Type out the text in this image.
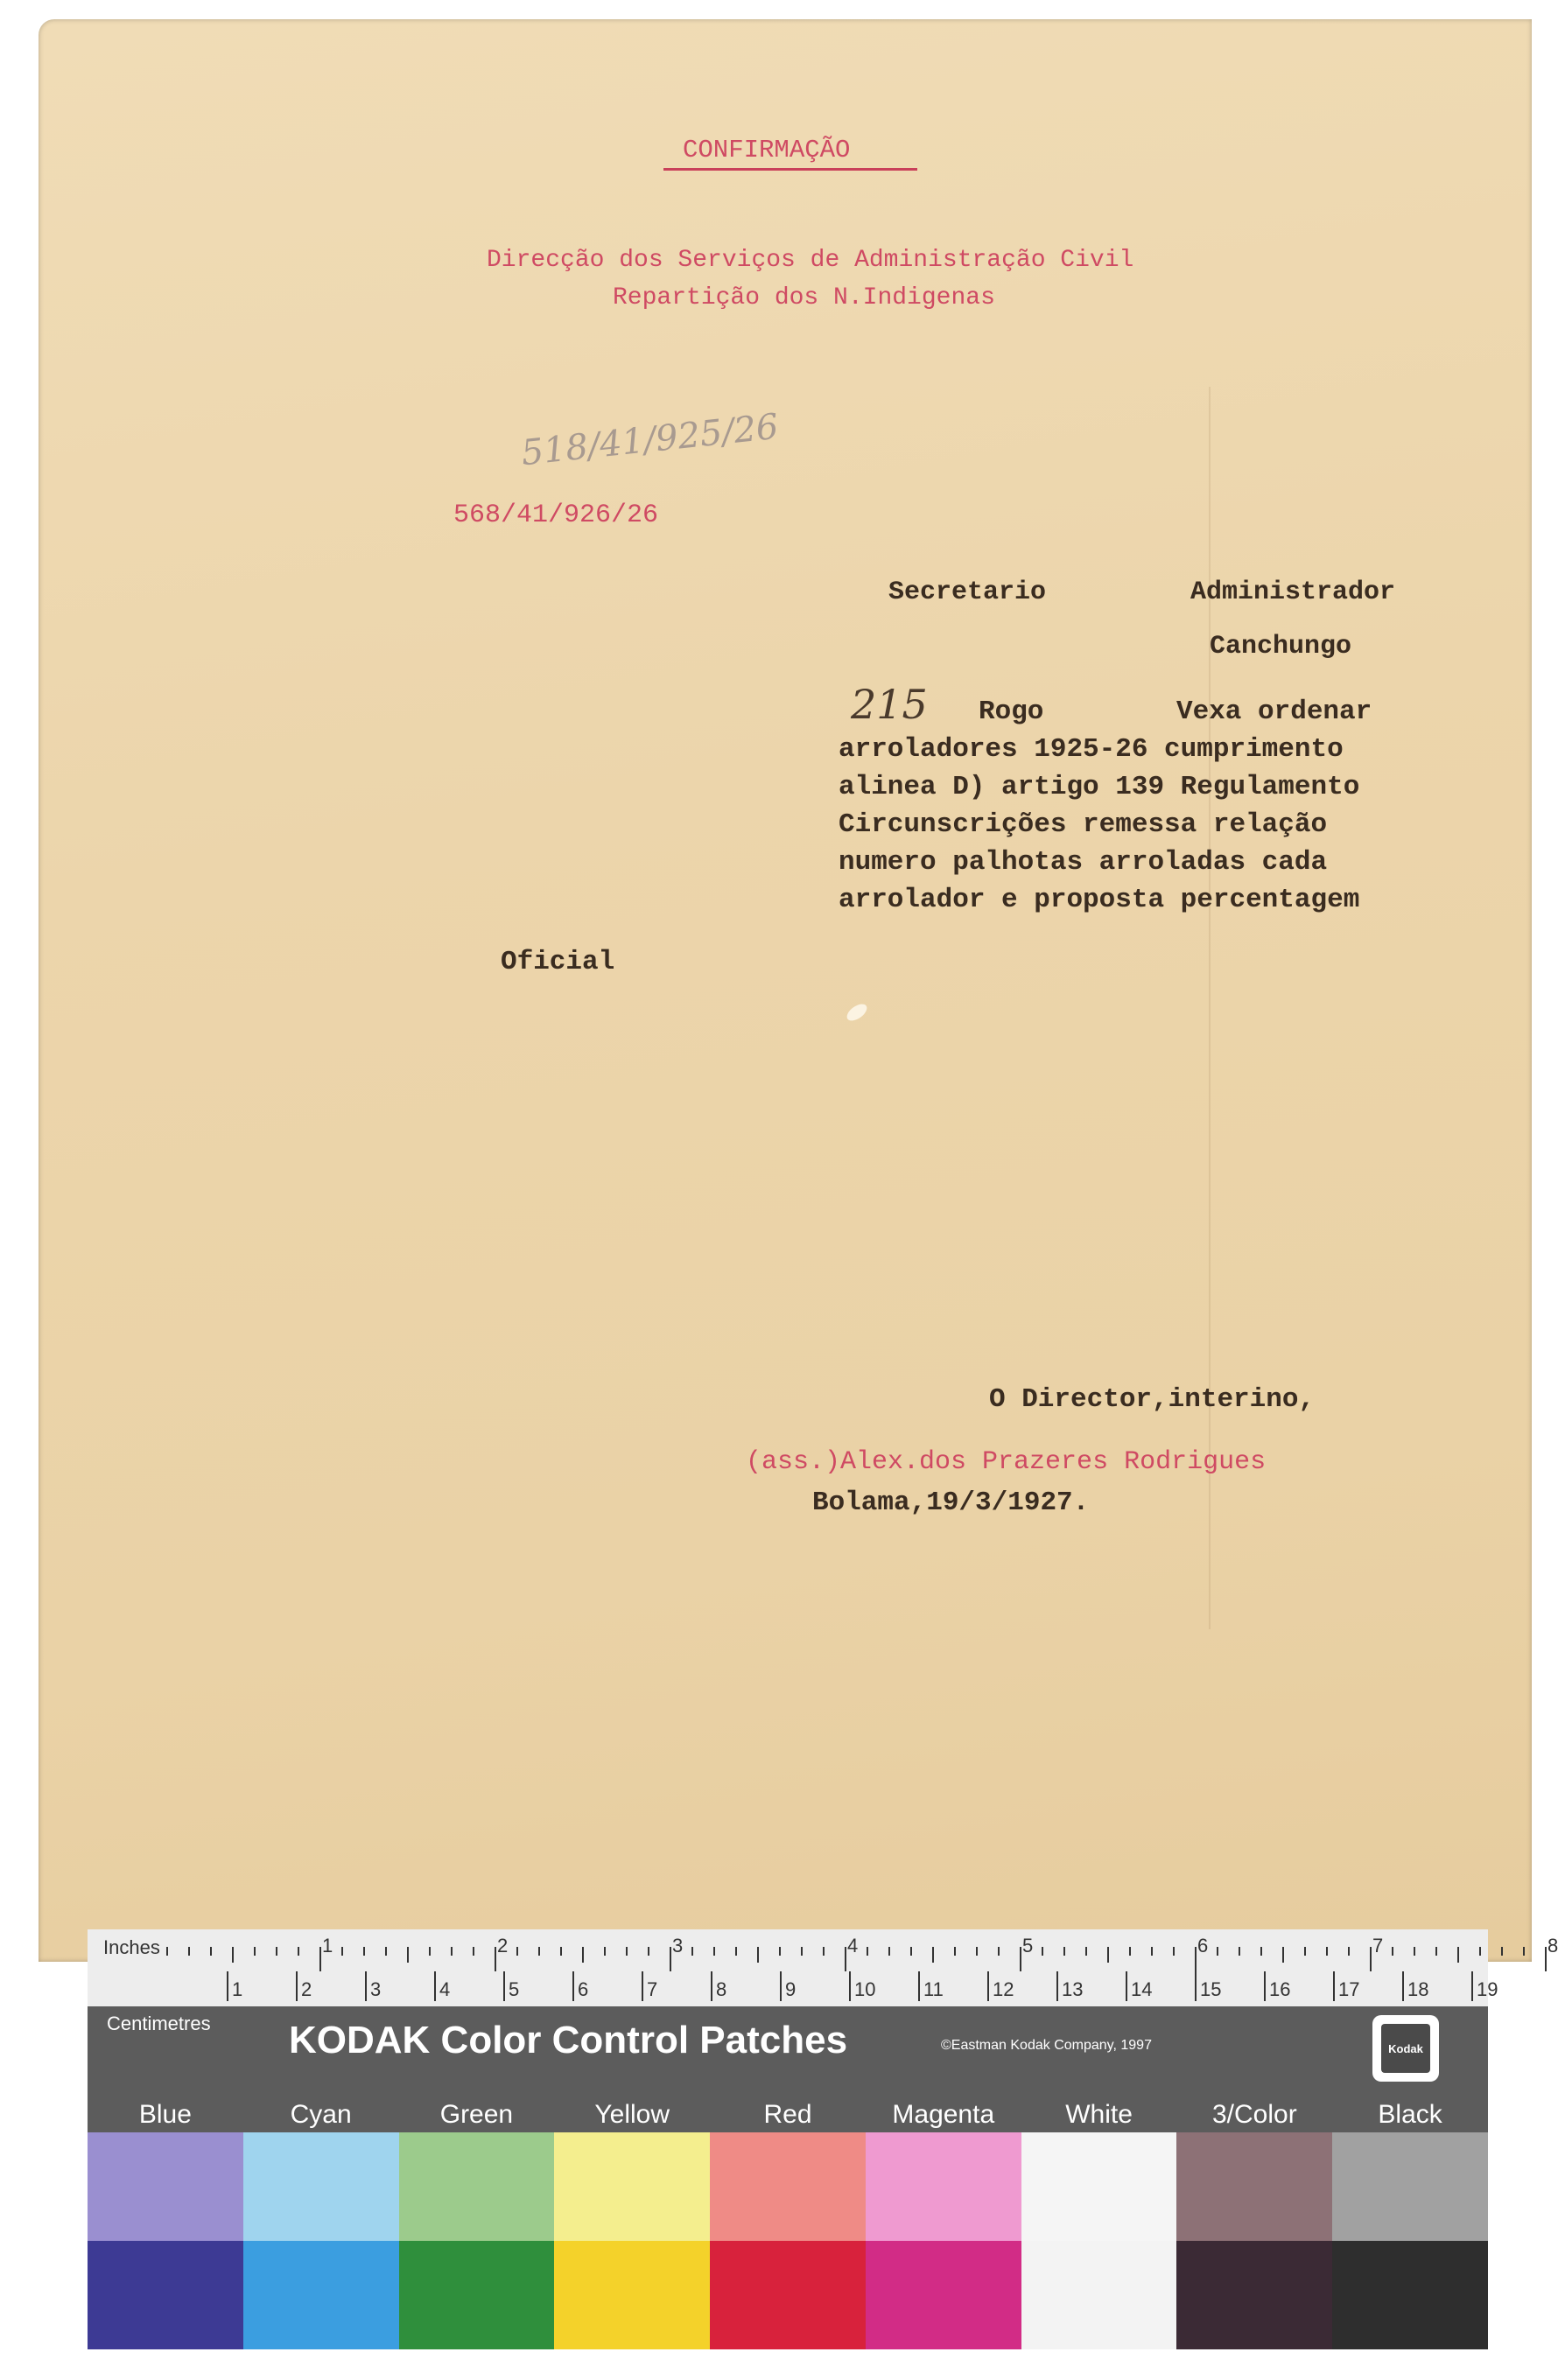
CONFIRMAÇÃO

Direcção dos Serviços de Administração Civil

Repartição dos N.Indigenas

518/41/925/26

568/41/926/26

Secretario	Administrador

Canchungo

215 Rogo	Vexa ordenar

arroladores 1925-26 cumprimento

alinea D) artigo 139 Regulamento

Circunscrições remessa relação

numero palhotas arroladas cada

arrolador e proposta percentagem

Oficial

O Director,interino,

(ass.)Alex.dos Prazeres Rodrigues

Bolama,19/3/1927.

Inches	1	2	3	4	5	6	7	8
1	2	3	4	5	6	7	8	9	10 11	12 13 14 15 16 17 18 19

Centimetres KODAK Color Control Patches	©Eastman Kodak Company, 1997	Kodak
Blue	Cyan	Green	Yellow	Red	Magenta	White	3/Color	Black
